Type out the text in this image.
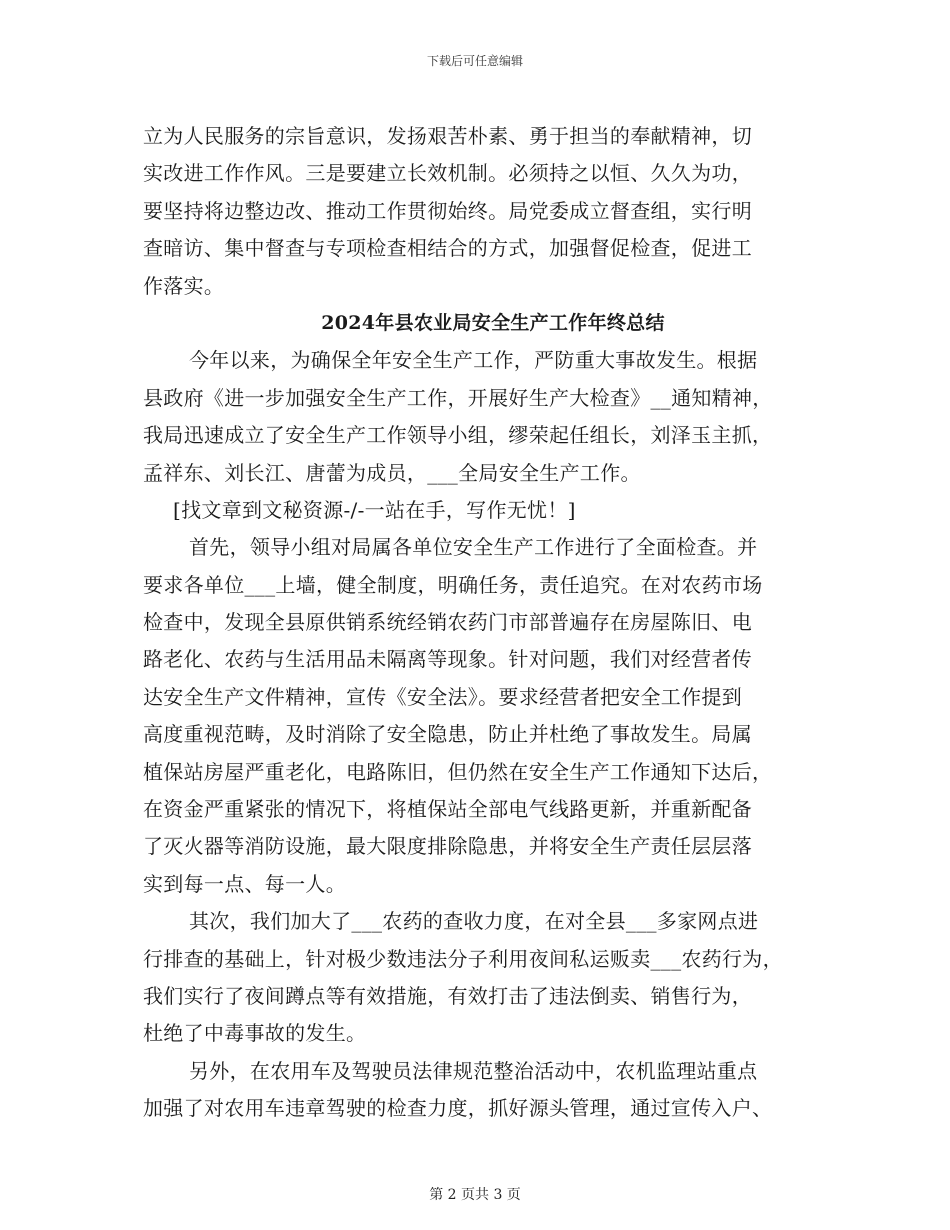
下载后可任意编辑
立为人民服务的宗旨意识，发扬艰苦朴素、勇于担当的奉献精神，切
实改进工作作风。三是要建立长效机制。必须持之以恒、久久为功，
要坚持将边整边改、推动工作贯彻始终。局党委成立督查组，实行明
查暗访、集中督查与专项检查相结合的方式，加强督促检查，促进工
作落实。
2024年县农业局安全生产工作年终总结
今年以来，为确保全年安全生产工作，严防重大事故发生。根据
县政府《进一步加强安全生产工作，开展好生产大检查》__通知精神，
我局迅速成立了安全生产工作领导小组，缪荣起任组长，刘泽玉主抓，
孟祥东、刘长江、唐蕾为成员，___全局安全生产工作。
[找文章到文秘资源-/-一站在手，写作无忧！]
首先，领导小组对局属各单位安全生产工作进行了全面检查。并
要求各单位___上墙，健全制度，明确任务，责任追究。在对农药市场
检查中，发现全县原供销系统经销农药门市部普遍存在房屋陈旧、电
路老化、农药与生活用品未隔离等现象。针对问题，我们对经营者传
达安全生产文件精神，宣传《安全法》。要求经营者把安全工作提到
高度重视范畴，及时消除了安全隐患，防止并杜绝了事故发生。局属
植保站房屋严重老化，电路陈旧，但仍然在安全生产工作通知下达后，
在资金严重紧张的情况下，将植保站全部电气线路更新，并重新配备
了灭火器等消防设施，最大限度排除隐患，并将安全生产责任层层落
实到每一点、每一人。
其次，我们加大了___农药的查收力度，在对全县___多家网点进
行排查的基础上，针对极少数违法分子利用夜间私运贩卖___农药行为，
我们实行了夜间蹲点等有效措施，有效打击了违法倒卖、销售行为，
杜绝了中毒事故的发生。
另外，在农用车及驾驶员法律规范整治活动中，农机监理站重点
加强了对农用车违章驾驶的检查力度，抓好源头管理，通过宣传入户、
第 2 页共 3 页
